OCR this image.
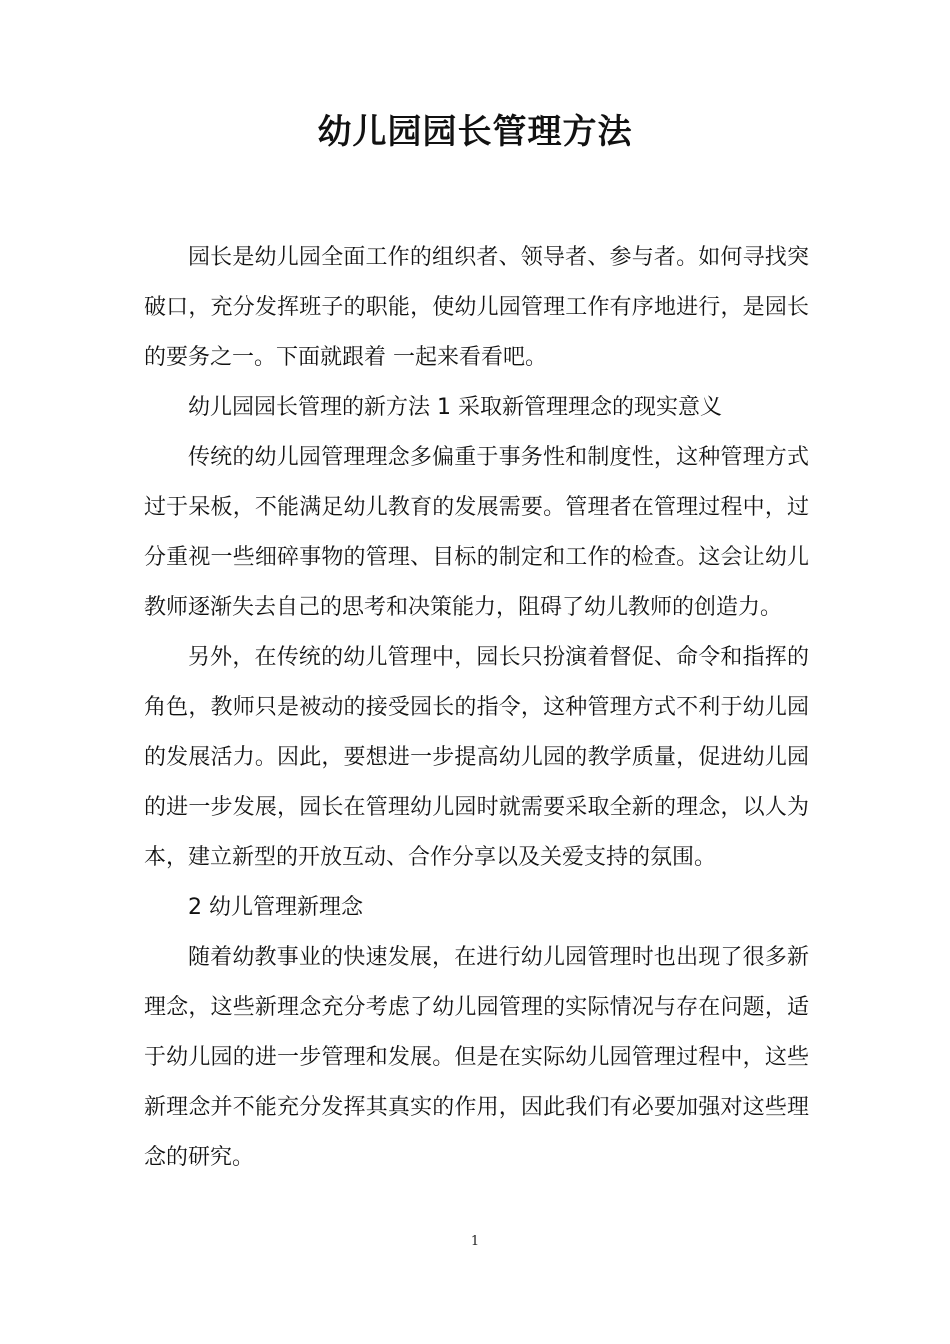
幼儿园园长管理方法

园长是幼儿园全面工作的组织者、领导者、参与者。如何寻找突破口，充分发挥班子的职能，使幼儿园管理工作有序地进行，是园长的要务之一。下面就跟着 一起来看看吧。

幼儿园园长管理的新方法 1 采取新管理理念的现实意义

传统的幼儿园管理理念多偏重于事务性和制度性，这种管理方式过于呆板，不能满足幼儿教育的发展需要。管理者在管理过程中，过分重视一些细碎事物的管理、目标的制定和工作的检查。这会让幼儿教师逐渐失去自己的思考和决策能力，阻碍了幼儿教师的创造力。

另外，在传统的幼儿管理中，园长只扮演着督促、命令和指挥的角色，教师只是被动的接受园长的指令，这种管理方式不利于幼儿园的发展活力。因此，要想进一步提高幼儿园的教学质量，促进幼儿园的进一步发展，园长在管理幼儿园时就需要采取全新的理念，以人为本，建立新型的开放互动、合作分享以及关爱支持的氛围。

2 幼儿管理新理念

随着幼教事业的快速发展，在进行幼儿园管理时也出现了很多新理念，这些新理念充分考虑了幼儿园管理的实际情况与存在问题，适于幼儿园的进一步管理和发展。但是在实际幼儿园管理过程中，这些新理念并不能充分发挥其真实的作用，因此我们有必要加强对这些理念的研究。

1
